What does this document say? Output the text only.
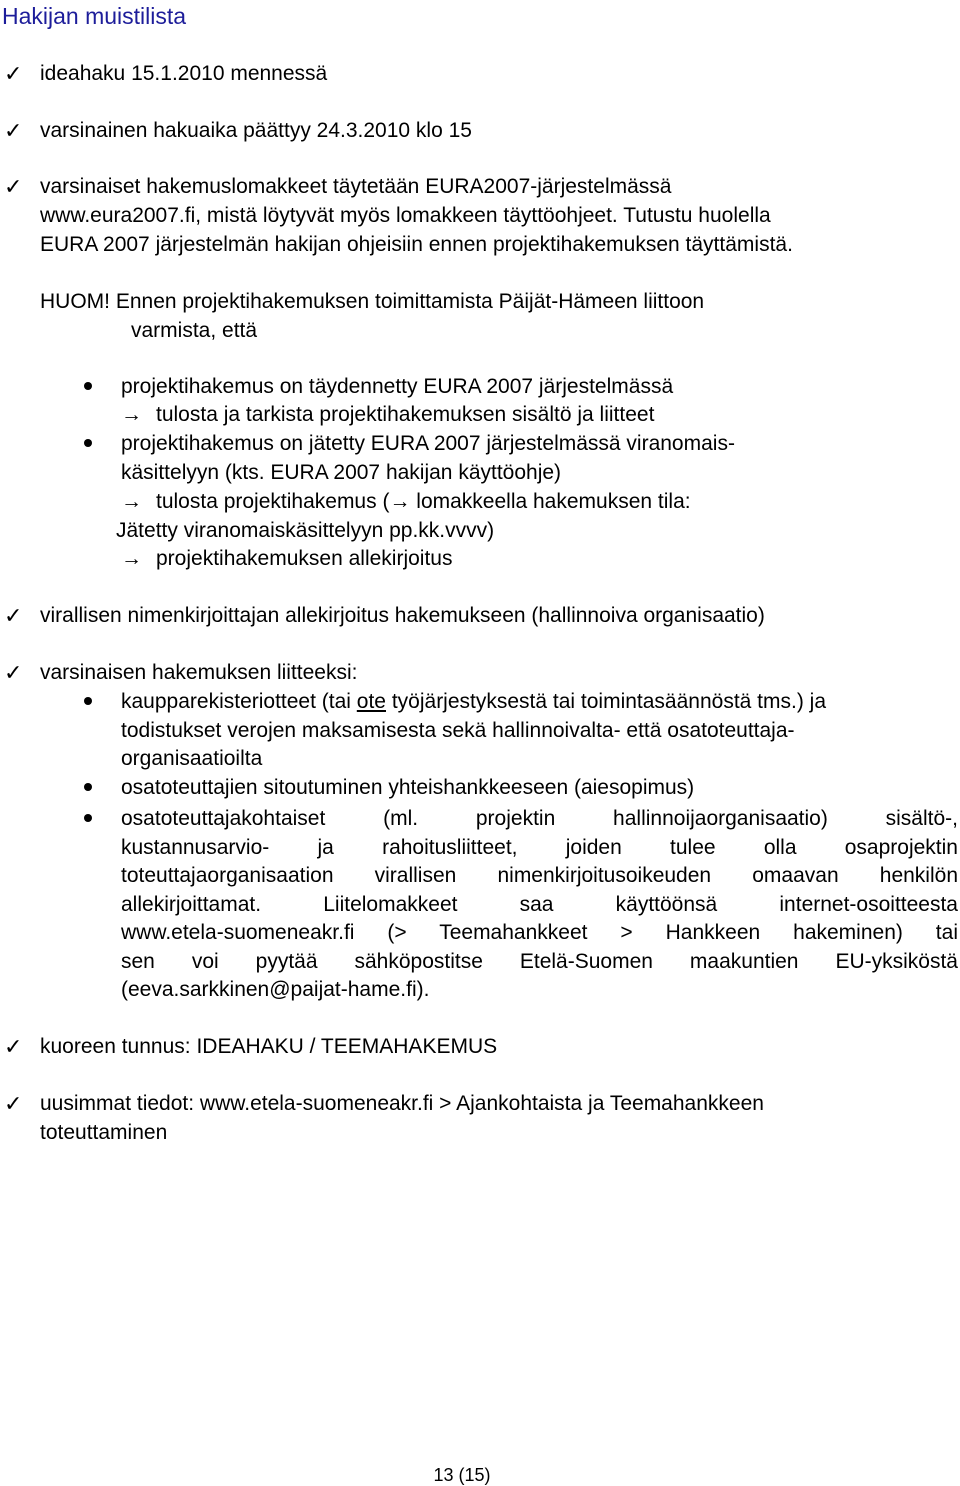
Hakijan muistilista
✓ ideahaku 15.1.2010 mennessä
✓ varsinainen hakuaika päättyy 24.3.2010 klo 15
✓ varsinaiset hakemuslomakkeet täytetään EURA2007-järjestelmässä
www.eura2007.fi, mistä löytyvät myös lomakkeen täyttöohjeet. Tutustu huolella
EURA 2007 järjestelmän hakijan ohjeisiin ennen projektihakemuksen täyttämistä.
HUOM! Ennen projektihakemuksen toimittamista Päijät-Hämeen liittoon
varmista, että
projektihakemus on täydennetty EURA 2007 järjestelmässä
→ tulosta ja tarkista projektihakemuksen sisältö ja liitteet
projektihakemus on jätetty EURA 2007 järjestelmässä viranomais-
käsittelyyn (kts. EURA 2007 hakijan käyttöohje)
→ tulosta projektihakemus (→ lomakkeella hakemuksen tila:
Jätetty viranomaiskäsittelyyn pp.kk.vvvv)
→ projektihakemuksen allekirjoitus
✓ virallisen nimenkirjoittajan allekirjoitus hakemukseen (hallinnoiva organisaatio)
✓ varsinaisen hakemuksen liitteeksi:
kaupparekisteriotteet (tai ote työjärjestyksestä tai toimintasäännöstä tms.) ja
todistukset verojen maksamisesta sekä hallinnoivalta- että osatoteuttaja-
organisaatioilta
osatoteuttajien sitoutuminen yhteishankkeeseen (aiesopimus)
osatoteuttajakohtaiset (ml. projektin hallinnoijaorganisaatio) sisältö-,
kustannusarvio- ja rahoitusliitteet, joiden tulee olla osaprojektin
toteuttajaorganisaation virallisen nimenkirjoitusoikeuden omaavan henkilön
allekirjoittamat. Liitelomakkeet saa käyttöönsä internet-osoitteesta
www.etela-suomeneakr.fi (> Teemahankkeet > Hankkeen hakeminen) tai
sen voi pyytää sähköpostitse Etelä-Suomen maakuntien EU-yksiköstä
(eeva.sarkkinen@paijat-hame.fi).
✓ kuoreen tunnus: IDEAHAKU / TEEMAHAKEMUS
✓ uusimmat tiedot: www.etela-suomeneakr.fi > Ajankohtaista ja Teemahankkeen
toteuttaminen
13 (15)
